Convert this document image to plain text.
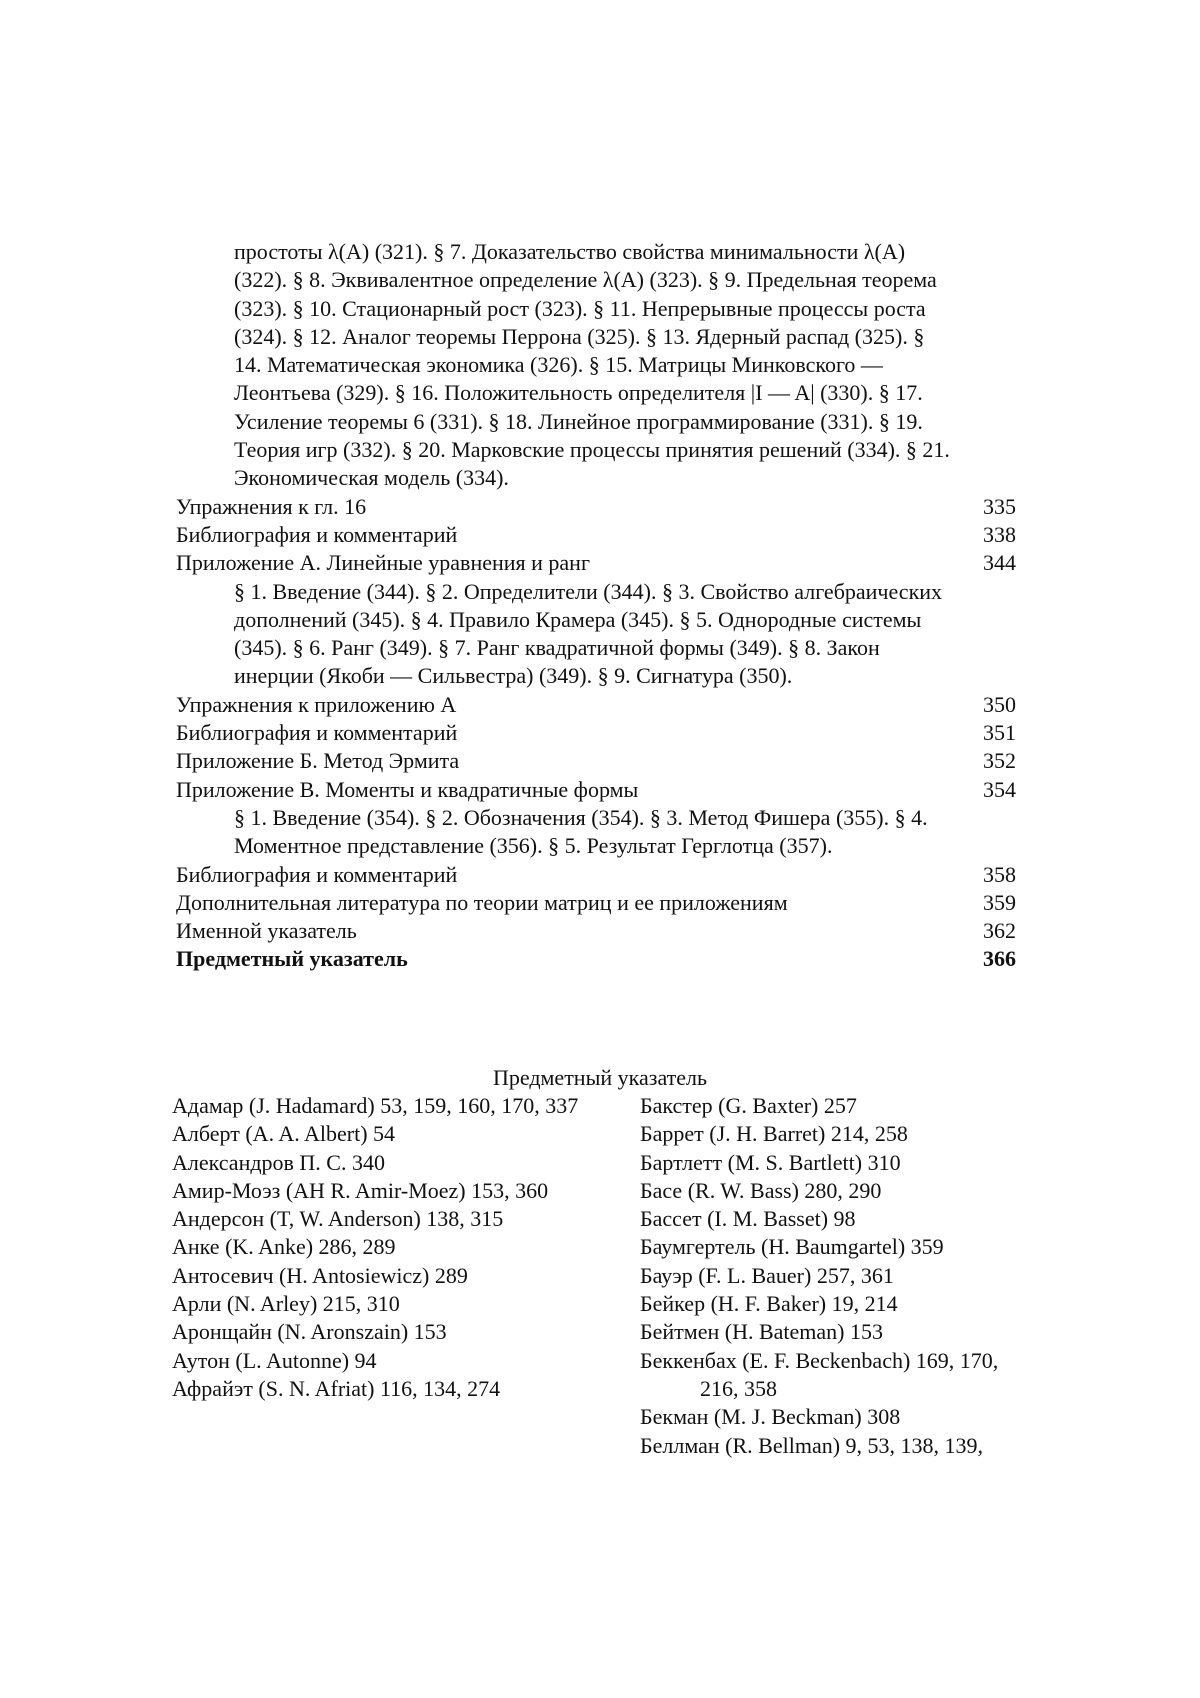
простоты λ(A) (321). § 7. Доказательство свойства минимальности λ(A) (322). § 8. Эквивалентное определение λ(A) (323). § 9. Предельная теорема (323). § 10. Стационарный рост (323). § 11. Непрерывные процессы роста (324). § 12. Аналог теоремы Перрона (325). § 13. Ядерный распад (325). § 14. Математическая экономика (326). § 15. Матрицы Минковского — Леонтьева (329). § 16. Положительность определителя |I — A| (330). § 17. Усиление теоремы 6 (331). § 18. Линейное программирование (331). § 19. Теория игр (332). § 20. Марковские процессы принятия решений (334). § 21. Экономическая модель (334).
Упражнения к гл. 16	335
Библиография и комментарий	338
Приложение А. Линейные уравнения и ранг	344
§ 1. Введение (344). § 2. Определители (344). § 3. Свойство алгебраических дополнений (345). § 4. Правило Крамера (345). § 5. Однородные системы (345). § 6. Ранг (349). § 7. Ранг квадратичной формы (349). § 8. Закон инерции (Якоби — Сильвестра) (349). § 9. Сигнатура (350).
Упражнения к приложению А	350
Библиография и комментарий	351
Приложение Б. Метод Эрмита	352
Приложение В. Моменты и квадратичные формы	354
§ 1. Введение (354). § 2. Обозначения (354). § 3. Метод Фишера (355). § 4. Моментное представление (356). § 5. Результат Герглотца (357).
Библиография и комментарий	358
Дополнительная литература по теории матриц и ее приложениям	359
Именной указатель	362
Предметный указатель	366
Предметный указатель
Адамар (J. Hadamard) 53, 159, 160, 170, 337
Алберт (A. A. Albert) 54
Александров П. С. 340
Амир-Моэз (AH R. Amir-Moez) 153, 360
Андерсон (T, W. Anderson) 138, 315
Анке (K. Anke) 286, 289
Антосевич (H. Antosiewicz) 289
Арли (N. Arley) 215, 310
Аронщайн (N. Aronszain) 153
Аутон (L. Autonne) 94
Афрайэт (S. N. Afriat) 116, 134, 274
Бакстер (G. Baxter) 257
Баррет (J. H. Barret) 214, 258
Бартлетт (M. S. Bartlett) 310
Басе (R. W. Bass) 280, 290
Бассет (I. M. Basset) 98
Баумгертель (H. Baumgartel) 359
Бауэр (F. L. Bauer) 257, 361
Бейкер (H. F. Baker) 19, 214
Бейтмен (H. Bateman) 153
Беккенбах (E. F. Beckenbach) 169, 170, 216, 358
Бекман (M. J. Beckman) 308
Беллман (R. Bellman) 9, 53, 138, 139,
